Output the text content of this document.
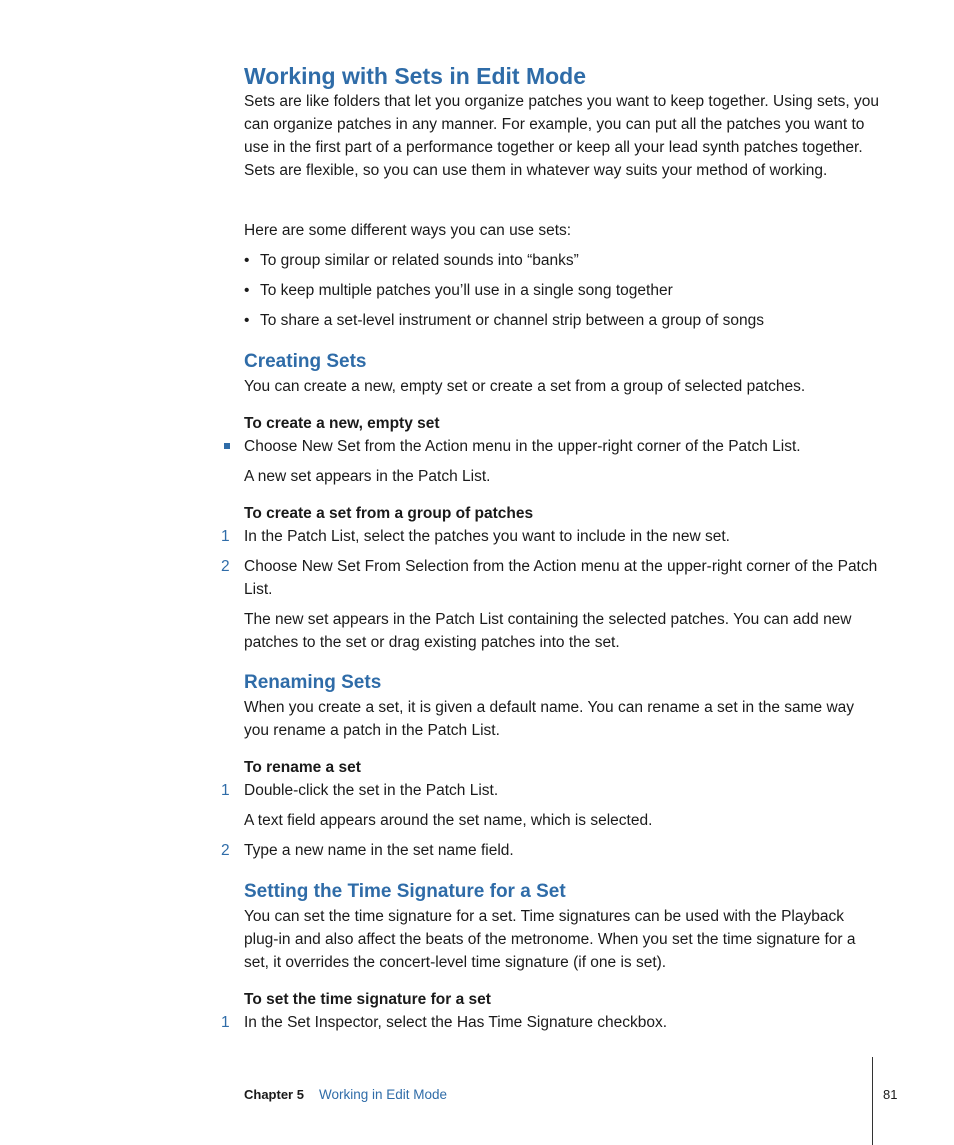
Working with Sets in Edit Mode

Sets are like folders that let you organize patches you want to keep together. Using sets, you can organize patches in any manner. For example, you can put all the patches you want to use in the first part of a performance together or keep all your lead synth patches together. Sets are flexible, so you can use them in whatever way suits your method of working.

Here are some different ways you can use sets:

• To group similar or related sounds into “banks”
• To keep multiple patches you’ll use in a single song together
• To share a set-level instrument or channel strip between a group of songs
Creating Sets

You can create a new, empty set or create a set from a group of selected patches.

To create a new, empty set

Choose New Set from the Action menu in the upper-right corner of the Patch List.

A new set appears in the Patch List.

To create a set from a group of patches
1 In the Patch List, select the patches you want to include in the new set.
2 Choose New Set From Selection from the Action menu at the upper-right corner of the Patch List.

The new set appears in the Patch List containing the selected patches. You can add new patches to the set or drag existing patches into the set.

Renaming Sets

When you create a set, it is given a default name. You can rename a set in the same way you rename a patch in the Patch List.

To rename a set
1 Double-click the set in the Patch List.

A text field appears around the set name, which is selected.

2 Type a new name in the set name field.
Setting the Time Signature for a Set

You can set the time signature for a set. Time signatures can be used with the Playback plug-in and also affect the beats of the metronome. When you set the time signature for a set, it overrides the concert-level time signature (if one is set).

To set the time signature for a set
1 In the Set Inspector, select the Has Time Signature checkbox.
Chapter 5 Working in Edit Mode	81
